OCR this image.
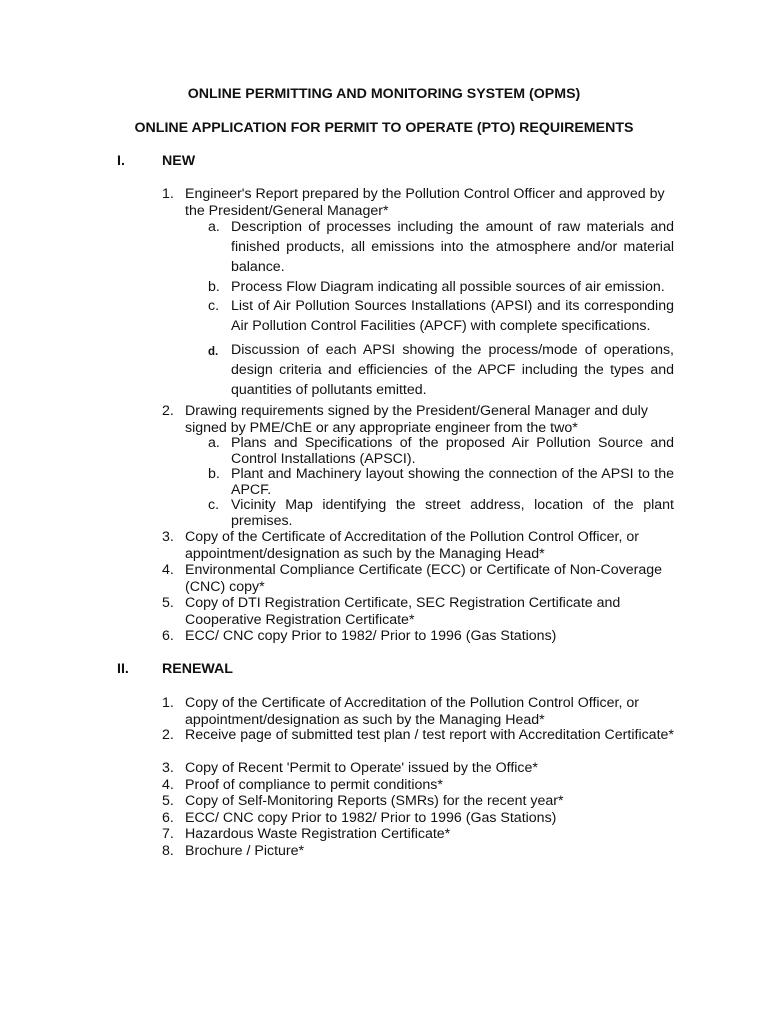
ONLINE PERMITTING AND MONITORING SYSTEM (OPMS)
ONLINE APPLICATION FOR PERMIT TO OPERATE (PTO) REQUIREMENTS
I.	NEW
1. Engineer's Report prepared by the Pollution Control Officer and approved by the President/General Manager*
a. Description of processes including the amount of raw materials and finished products, all emissions into the atmosphere and/or material balance.
b. Process Flow Diagram indicating all possible sources of air emission.
c. List of Air Pollution Sources Installations (APSI) and its corresponding Air Pollution Control Facilities (APCF) with complete specifications.
d. Discussion of each APSI showing the process/mode of operations, design criteria and efficiencies of the APCF including the types and quantities of pollutants emitted.
2. Drawing requirements signed by the President/General Manager and duly signed by PME/ChE or any appropriate engineer from the two*
a. Plans and Specifications of the proposed Air Pollution Source and Control Installations (APSCI).
b. Plant and Machinery layout showing the connection of the APSI to the APCF.
c. Vicinity Map identifying the street address, location of the plant premises.
3. Copy of the Certificate of Accreditation of the Pollution Control Officer, or appointment/designation as such by the Managing Head*
4. Environmental Compliance Certificate (ECC) or Certificate of Non-Coverage (CNC) copy*
5. Copy of DTI Registration Certificate, SEC Registration Certificate and Cooperative Registration Certificate*
6. ECC/ CNC copy Prior to 1982/ Prior to 1996 (Gas Stations)
II. RENEWAL
1. Copy of the Certificate of Accreditation of the Pollution Control Officer, or appointment/designation as such by the Managing Head*
2. Receive page of submitted test plan / test report with Accreditation Certificate*
3. Copy of Recent 'Permit to Operate' issued by the Office*
4. Proof of compliance to permit conditions*
5. Copy of Self-Monitoring Reports (SMRs) for the recent year*
6. ECC/ CNC copy Prior to 1982/ Prior to 1996 (Gas Stations)
7. Hazardous Waste Registration Certificate*
8. Brochure / Picture*
